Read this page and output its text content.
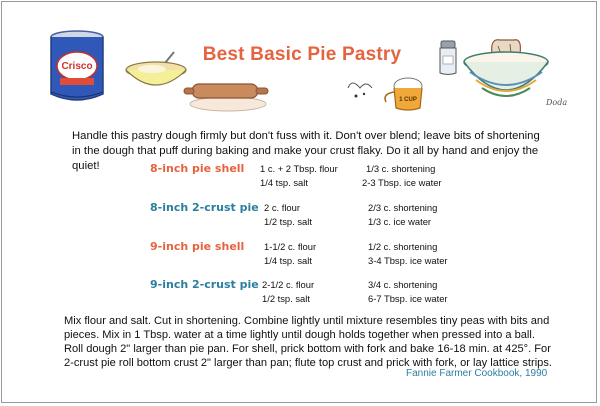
Crisco
1 CUP	Doda
Best Basic Pie Pastry
Handle this pastry dough firmly but don't fuss with it. Don't over blend; leave bits of shortening in the dough that puff during baking and make your crust flaky. Do it all by hand and enjoy the quiet!	8-inch pie shell 1 c. + 2 Tbsp. flour
1/4 tsp. salt
1/3 c. shortening
2-3 Tbsp. ice water
8-inch 2-crust pie 2 c. flour
1/2 tsp. salt
2/3 c. shortening
1/3 c. ice water
9-inch pie shell 1-1/2 c. flour
1/4 tsp. salt
1/2 c. shortening
3-4 Tbsp. ice water
9-inch 2-crust pie 2-1/2 c. flour
1/2 tsp. salt
3/4 c. shortening
6-7 Tbsp. ice water
Mix flour and salt. Cut in shortening. Combine lightly until mixture resembles tiny peas with bits and pieces. Mix in 1 Tbsp. water at a time lightly until dough holds together when pressed into a ball. Roll dough 2" larger than pie pan. For shell, prick bottom with fork and bake 16-18 min. at 425°. For 2-crust pie roll bottom crust 2" larger than pan; flute top crust and prick with fork, or lay lattice strips.
Fannie Farmer Cookbook, 1990
